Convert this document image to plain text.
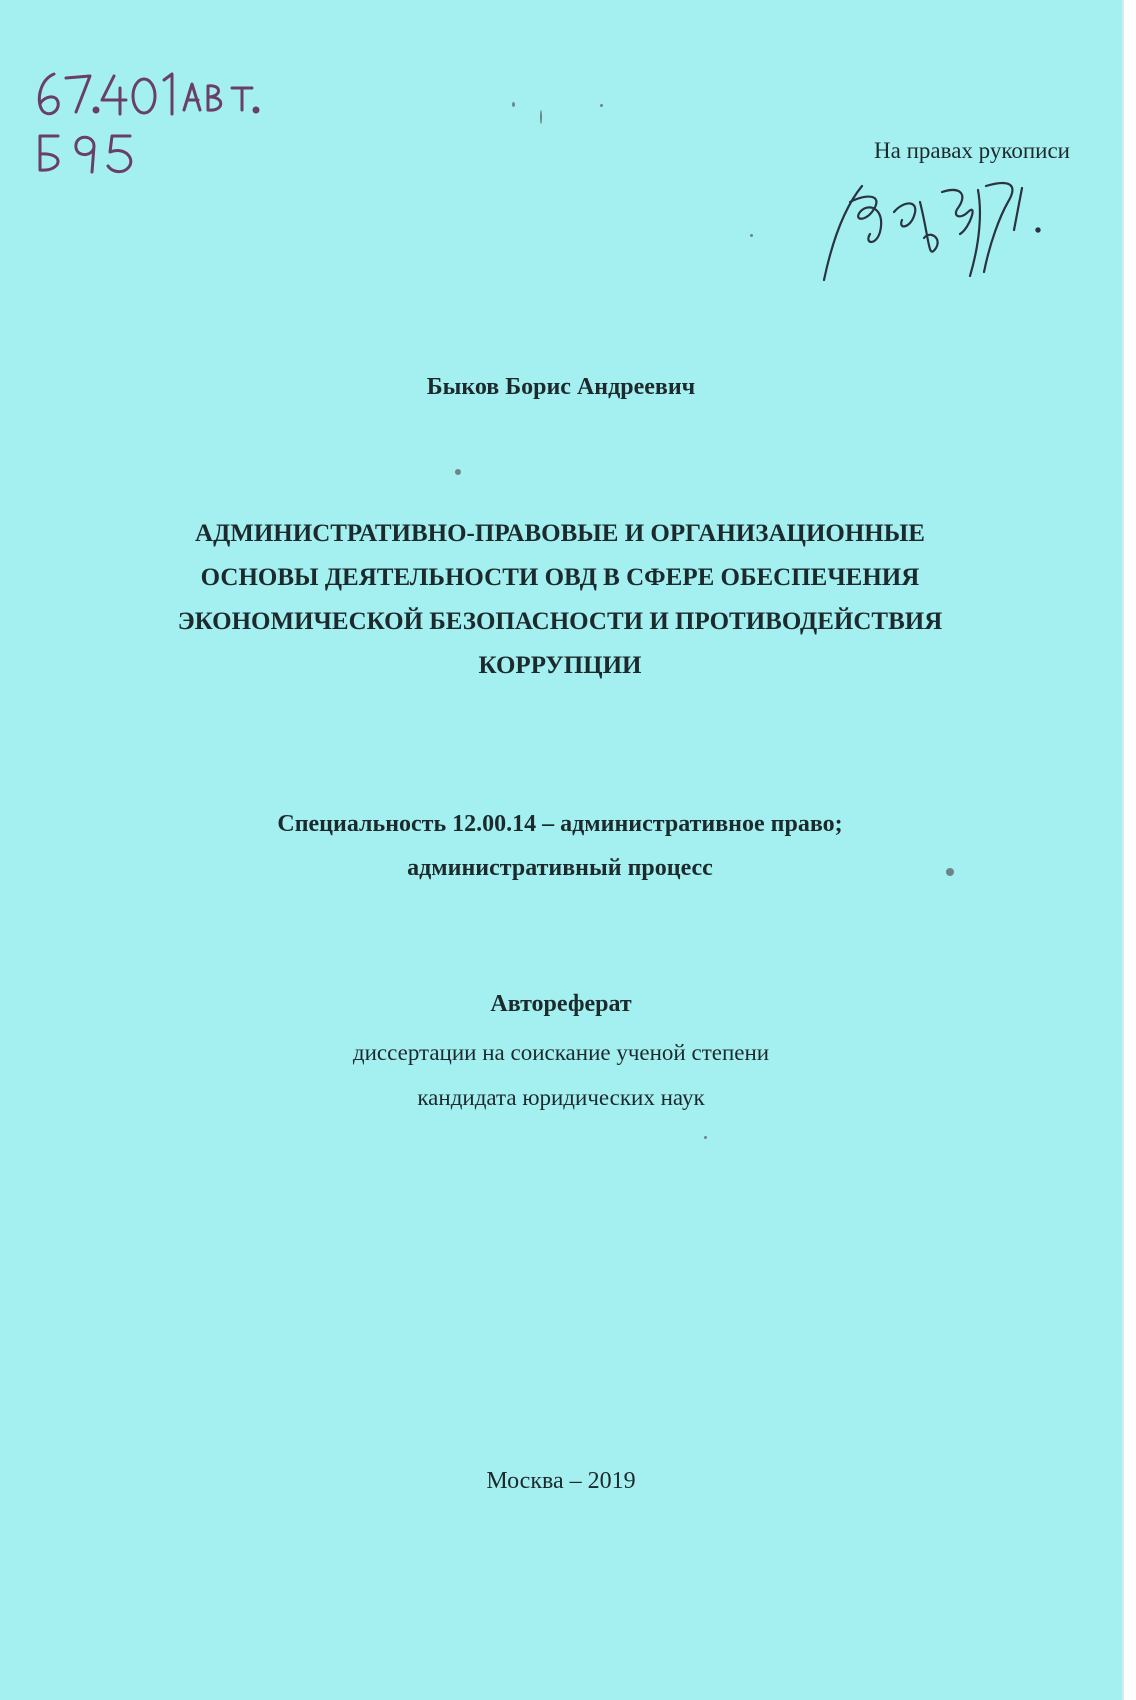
На правах рукописи
Быков Борис Андреевич
АДМИНИСТРАТИВНО-ПРАВОВЫЕ И ОРГАНИЗАЦИОННЫЕ
ОСНОВЫ ДЕЯТЕЛЬНОСТИ ОВД В СФЕРЕ ОБЕСПЕЧЕНИЯ
ЭКОНОМИЧЕСКОЙ БЕЗОПАСНОСТИ И ПРОТИВОДЕЙСТВИЯ
КОРРУПЦИИ
Специальность 12.00.14 – административное право;
административный процесс
Автореферат
диссертации на соискание ученой степени
кандидата юридических наук
Москва – 2019
